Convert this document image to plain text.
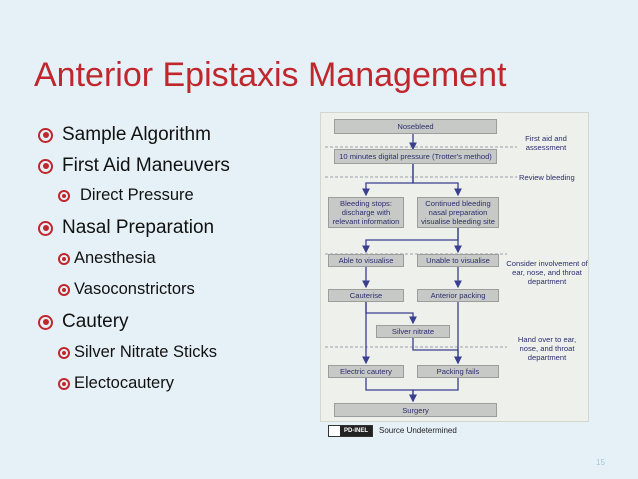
Anterior Epistaxis Management
Sample Algorithm
First Aid Maneuvers
Direct Pressure
Nasal Preparation
Anesthesia
Vasoconstrictors
Cautery
Silver Nitrate Sticks
Electocautery
Nosebleed
10 minutes digital pressure (Trotter's method)
Bleeding stops: discharge with relevant information
Continued bleeding nasal preparation visualise bleeding site
Able to visualise	Unable to visualise
Cauterise	Anterior packing
Silver nitrate
Electric cautery	Packing fails
Surgery
First aid and assessment
Review bleeding
Consider involvement of ear, nose, and throat department
Hand over to ear, nose, and throat department
PD-INEL	Source Undetermined
15
